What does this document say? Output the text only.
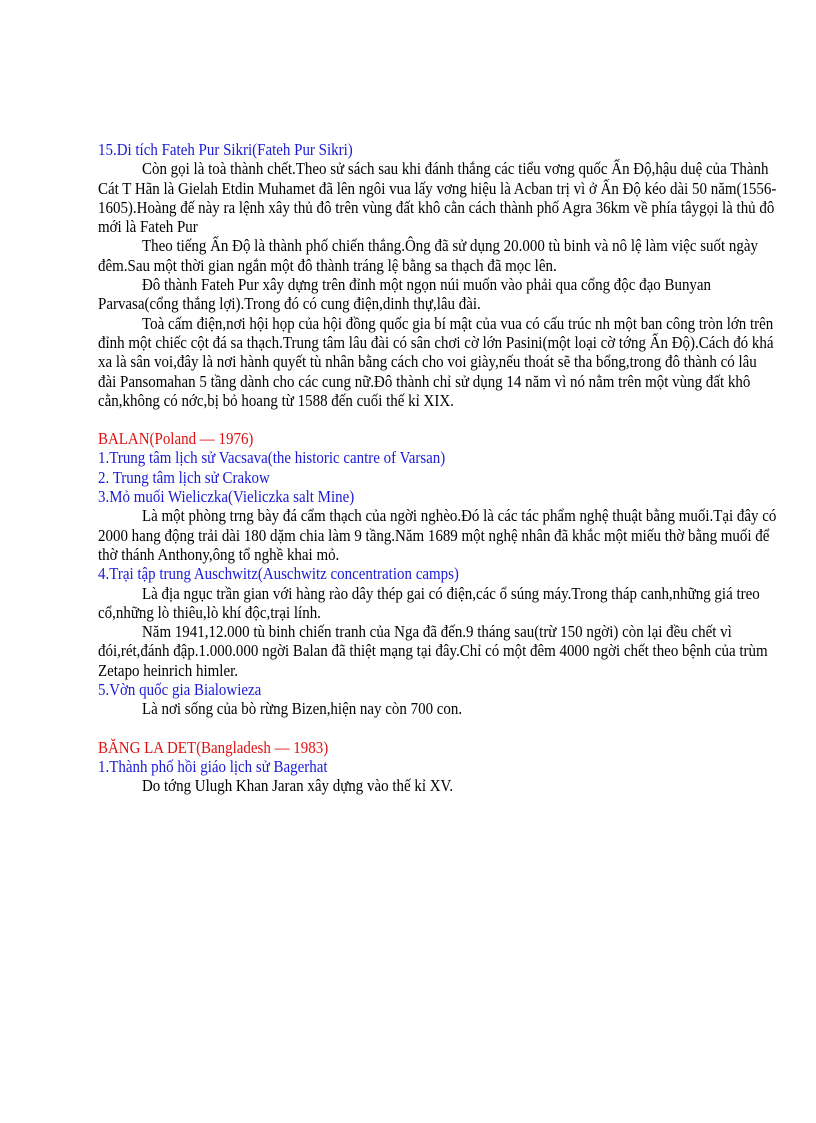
15.Di tích Fateh Pur Sikri(Fateh Pur Sikri)

Còn gọi là toà thành chết.Theo sử sách sau khi đánh thắng các tiểu vơng quốc Ấn Độ,hậu duệ của Thành Cát T Hãn là Gielah Etdin Muhamet đã lên ngôi vua lấy vơng hiệu là Acban trị vì ở Ấn Độ kéo dài 50 năm(1556-1605).Hoàng đế này ra lệnh xây thủ đô trên vùng đất khô cằn cách thành phố Agra 36km về phía tâygọi là thủ đô mới là Fateh Pur

Theo tiếng Ấn Độ là thành phố chiến thắng.Ông đã sử dụng 20.000 tù binh và nô lệ làm việc suốt ngày đêm.Sau một thời gian ngắn một đô thành tráng lệ bằng sa thạch đã mọc lên.

Đô thành Fateh Pur xây dựng trên đỉnh một ngọn núi muốn vào phải qua cổng độc đạo Bunyan Parvasa(cổng thắng lợi).Trong đó có cung điện,dinh thự,lâu đài.

Toà cấm điện,nơi hội họp của hội đồng quốc gia bí mật của vua có cấu trúc nh một ban công tròn lớn trên đỉnh một chiếc cột đá sa thạch.Trung tâm lâu đài có sân chơi cờ lớn Pasini(một loại cờ tớng Ấn Độ).Cách đó khá xa là sân voi,đây là nơi hành quyết tù nhân bằng cách cho voi giày,nếu thoát sẽ tha bổng,trong đô thành có lâu đài Pansomahan 5 tầng dành cho các cung nữ.Đô thành chỉ sử dụng 14 năm vì nó nằm trên một vùng đất khô cằn,không có nớc,bị bỏ hoang từ 1588 đến cuối thế kỉ XIX.

BALAN(Poland — 1976)

1.Trung tâm lịch sử Vacsava(the historic cantre of Varsan)

2. Trung tâm lịch sử Crakow

3.Mỏ muối Wieliczka(Vieliczka salt Mine)

Là một phòng trng bày đá cẩm thạch của ngời nghèo.Đó là các tác phẩm nghệ thuật bằng muối.Tại đây có 2000 hang động trải dài 180 dặm chia làm 9 tầng.Năm 1689 một nghệ nhân đã khắc một miếu thờ bằng muối để thờ thánh Anthony,ông tổ nghề khai mỏ.

4.Trại tập trung Auschwitz(Auschwitz concentration camps)

Là địa ngục trần gian với hàng rào dây thép gai có điện,các ổ súng máy.Trong tháp canh,những giá treo cổ,những lò thiêu,lò khí độc,trại lính.

Năm 1941,12.000 tù binh chiến tranh của Nga đã đến.9 tháng sau(trừ 150 ngời) còn lại đều chết vì đói,rét,đánh đập.1.000.000 ngời Balan đã thiệt mạng tại đây.Chỉ có một đêm 4000 ngời chết theo bệnh của trùm Zetapo heinrich himler.

5.Vờn quốc gia Bialowieza

Là nơi sống của bò rừng Bizen,hiện nay còn 700 con.

BĂNG LA DET(Bangladesh — 1983)

1.Thành phố hồi giáo lịch sử Bagerhat

Do tớng Ulugh Khan Jaran xây dựng vào thế kỉ XV.
